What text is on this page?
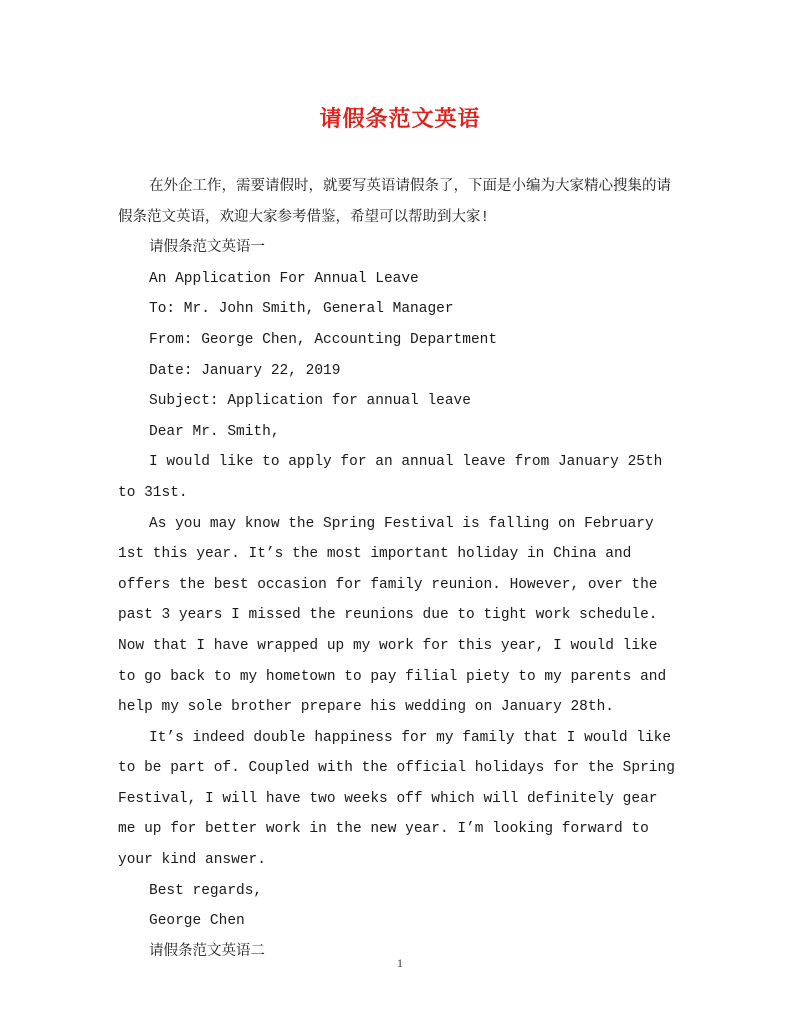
请假条范文英语

在外企工作，需要请假时，就要写英语请假条了，下面是小编为大家精心搜集的请假条范文英语，欢迎大家参考借鉴，希望可以帮助到大家!

请假条范文英语一

An Application For Annual Leave

To: Mr. John Smith, General Manager

From: George Chen, Accounting Department

Date: January 22, 2019

Subject: Application for annual leave

Dear Mr. Smith,

I would like to apply for an annual leave from January 25th to 31st.

As you may know the Spring Festival is falling on February 1st this year. It’s the most important holiday in China and offers the best occasion for family reunion. However, over the past 3 years I missed the reunions due to tight work schedule. Now that I have wrapped up my work for this year, I would like to go back to my hometown to pay filial piety to my parents and help my sole brother prepare his wedding on January 28th.

It’s indeed double happiness for my family that I would like to be part of. Coupled with the official holidays for the Spring Festival, I will have two weeks off which will definitely gear me up for better work in the new year. I’m looking forward to your kind answer.

Best regards,

George Chen

请假条范文英语二

1
